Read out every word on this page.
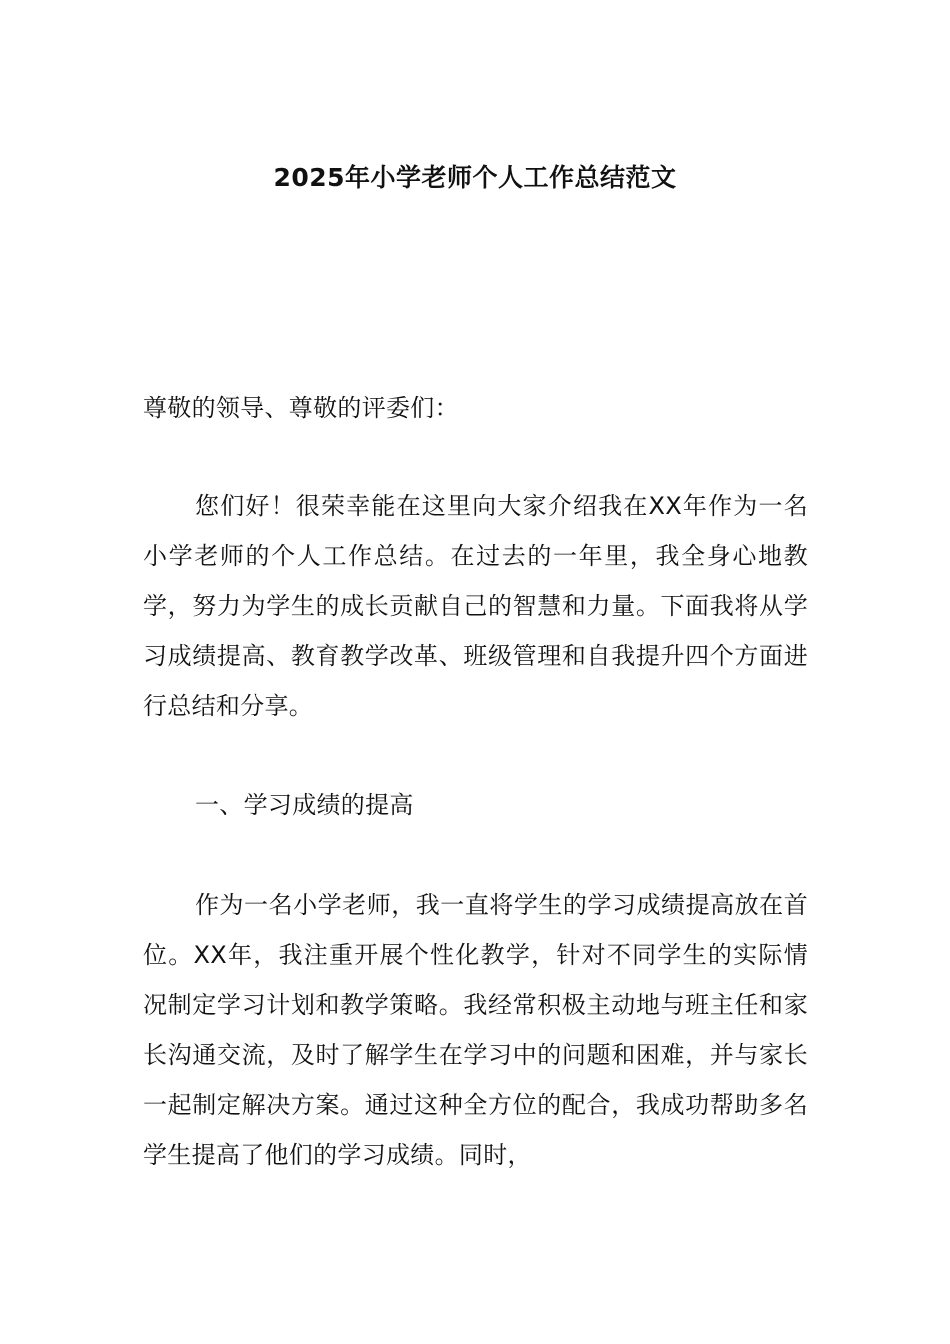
2025年小学老师个人工作总结范文

尊敬的领导、尊敬的评委们：

您们好！很荣幸能在这里向大家介绍我在XX年作为一名小学老师的个人工作总结。在过去的一年里，我全身心地教学，努力为学生的成长贡献自己的智慧和力量。下面我将从学习成绩提高、教育教学改革、班级管理和自我提升四个方面进行总结和分享。

一、学习成绩的提高

作为一名小学老师，我一直将学生的学习成绩提高放在首位。XX年，我注重开展个性化教学，针对不同学生的实际情况制定学习计划和教学策略。我经常积极主动地与班主任和家长沟通交流，及时了解学生在学习中的问题和困难，并与家长一起制定解决方案。通过这种全方位的配合，我成功帮助多名学生提高了他们的学习成绩。同时，
